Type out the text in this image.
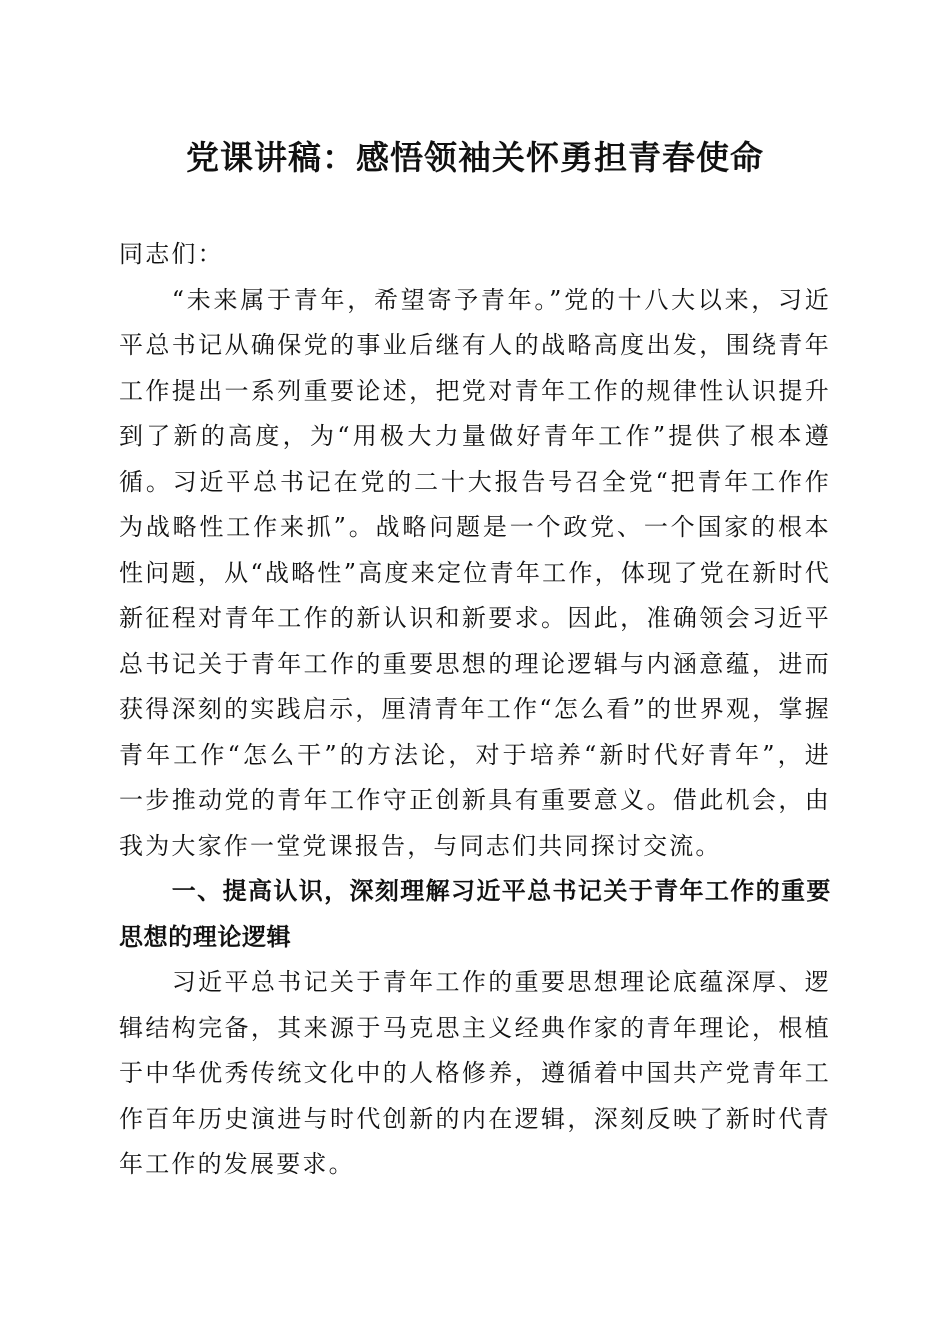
党课讲稿：感悟领袖关怀勇担青春使命

同志们：

“未来属于青年，希望寄予青年。”党的十八大以来，习近平总书记从确保党的事业后继有人的战略高度出发，围绕青年工作提出一系列重要论述，把党对青年工作的规律性认识提升到了新的高度，为“用极大力量做好青年工作”提供了根本遵循。习近平总书记在党的二十大报告号召全党“把青年工作作为战略性工作来抓”。战略问题是一个政党、一个国家的根本性问题，从“战略性”高度来定位青年工作，体现了党在新时代新征程对青年工作的新认识和新要求。因此，准确领会习近平总书记关于青年工作的重要思想的理论逻辑与内涵意蕴，进而获得深刻的实践启示，厘清青年工作“怎么看”的世界观，掌握青年工作“怎么干”的方法论，对于培养“新时代好青年”，进一步推动党的青年工作守正创新具有重要意义。借此机会，由我为大家作一堂党课报告，与同志们共同探讨交流。

一、提高认识，深刻理解习近平总书记关于青年工作的重要思想的理论逻辑

习近平总书记关于青年工作的重要思想理论底蕴深厚、逻辑结构完备，其来源于马克思主义经典作家的青年理论，根植于中华优秀传统文化中的人格修养，遵循着中国共产党青年工作百年历史演进与时代创新的内在逻辑，深刻反映了新时代青年工作的发展要求。
